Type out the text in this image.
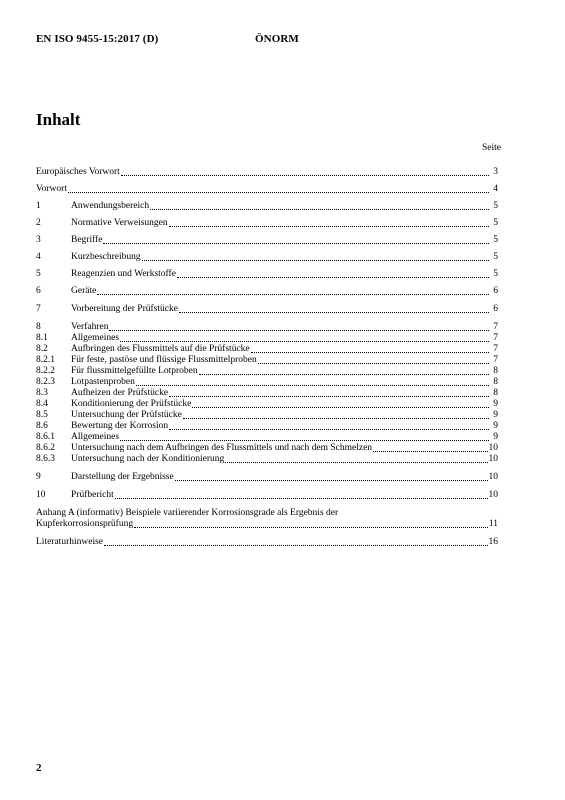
EN ISO 9455-15:2017 (D)	ÖNORM
Inhalt
Seite
Europäisches Vorwort	3
Vorwort	4
1	Anwendungsbereich	5
2	Normative Verweisungen	5
3	Begriffe	5
4	Kurzbeschreibung	5
5	Reagenzien und Werkstoffe	5
6	Geräte	6
7	Vorbereitung der Prüfstücke	6
8	Verfahren	7
8.1	Allgemeines	7
8.2	Aufbringen des Flussmittels auf die Prüfstücke	7
8.2.1	Für feste, pastöse und flüssige Flussmittelproben	7
8.2.2	Für flussmittelgefüllte Lotproben	8
8.2.3	Lotpastenproben	8
8.3	Aufheizen der Prüfstücke	8
8.4	Konditionierung der Prüfstücke	9
8.5	Untersuchung der Prüfstücke	9
8.6	Bewertung der Korrosion	9
8.6.1	Allgemeines	9
8.6.2	Untersuchung nach dem Aufbringen des Flussmittels und nach dem Schmelzen	10
8.6.3	Untersuchung nach der Konditionierung	10
9	Darstellung der Ergebnisse	10
10	Prüfbericht	10
Anhang A (informativ) Beispiele variierender Korrosionsgrade als Ergebnis der
Kupferkorrosionsprüfung	11
Literaturhinweise	16
2
